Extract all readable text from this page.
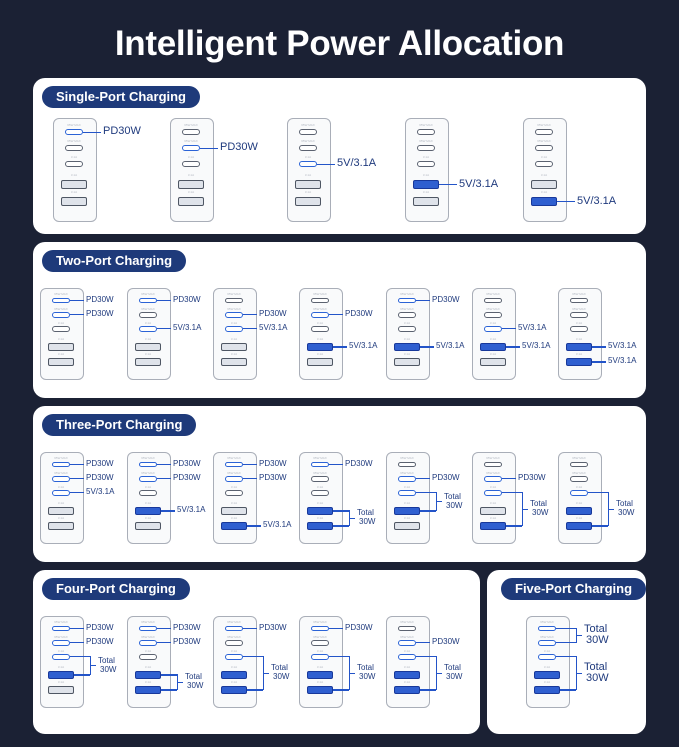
Intelligent Power Allocation
Single-Port Charging
Two-Port Charging
Three-Port Charging
Four-Port Charging	Five-Port Charging
65W MAX
65W MAX
3.1A
3.1A
3.1A
PD30W	65W MAX
65W MAX
3.1A
3.1A
3.1A
PD30W
65W MAX
65W MAX
3.1A
3.1A
3.1A
5V/3.1A
65W MAX
65W MAX
3.1A
3.1A
3.1A
5V/3.1A
65W MAX
65W MAX
3.1A
3.1A
3.1A
5V/3.1A
65W MAX
65W MAX
3.1A
3.1A
3.1A
PD30W
PD30W
65W MAX
65W MAX
3.1A
3.1A
3.1A
PD30W
5V/3.1A
65W MAX
65W MAX
3.1A
3.1A
3.1A
PD30W
5V/3.1A
65W MAX
65W MAX
3.1A
3.1A
3.1A
PD30W
5V/3.1A
65W MAX
65W MAX
3.1A
3.1A
3.1A
PD30W
5V/3.1A
65W MAX
65W MAX
3.1A
3.1A
3.1A
5V/3.1A
5V/3.1A
65W MAX
65W MAX
3.1A
3.1A
3.1A
5V/3.1A
5V/3.1A
65W MAX
65W MAX
3.1A
3.1A
3.1A
PD30W
PD30W
5V/3.1A
65W MAX
65W MAX
3.1A
3.1A
3.1A
PD30W
PD30W
5V/3.1A
65W MAX
65W MAX
3.1A
3.1A
3.1A
PD30W
PD30W
5V/3.1A
65W MAX
65W MAX
3.1A
3.1A
3.1A
PD30W
Total
30W
65W MAX
65W MAX
3.1A
3.1A
3.1A
PD30W
Total
30W
65W MAX
65W MAX
3.1A
3.1A
3.1A
PD30W
Total
30W
65W MAX
65W MAX
3.1A
3.1A
3.1A
Total
30W
65W MAX
65W MAX
3.1A
3.1A
3.1A
PD30W
PD30W
Total
30W
65W MAX
65W MAX
3.1A
3.1A
3.1A
PD30W
PD30W
Total
30W
65W MAX
65W MAX
3.1A
3.1A
3.1A
PD30W
Total
30W
65W MAX
65W MAX
3.1A
3.1A
3.1A
PD30W
Total
30W
65W MAX
65W MAX
3.1A
3.1A
3.1A
PD30W
Total
30W
65W MAX
65W MAX
3.1A
3.1A
3.1A
Total
30W
Total
30W
